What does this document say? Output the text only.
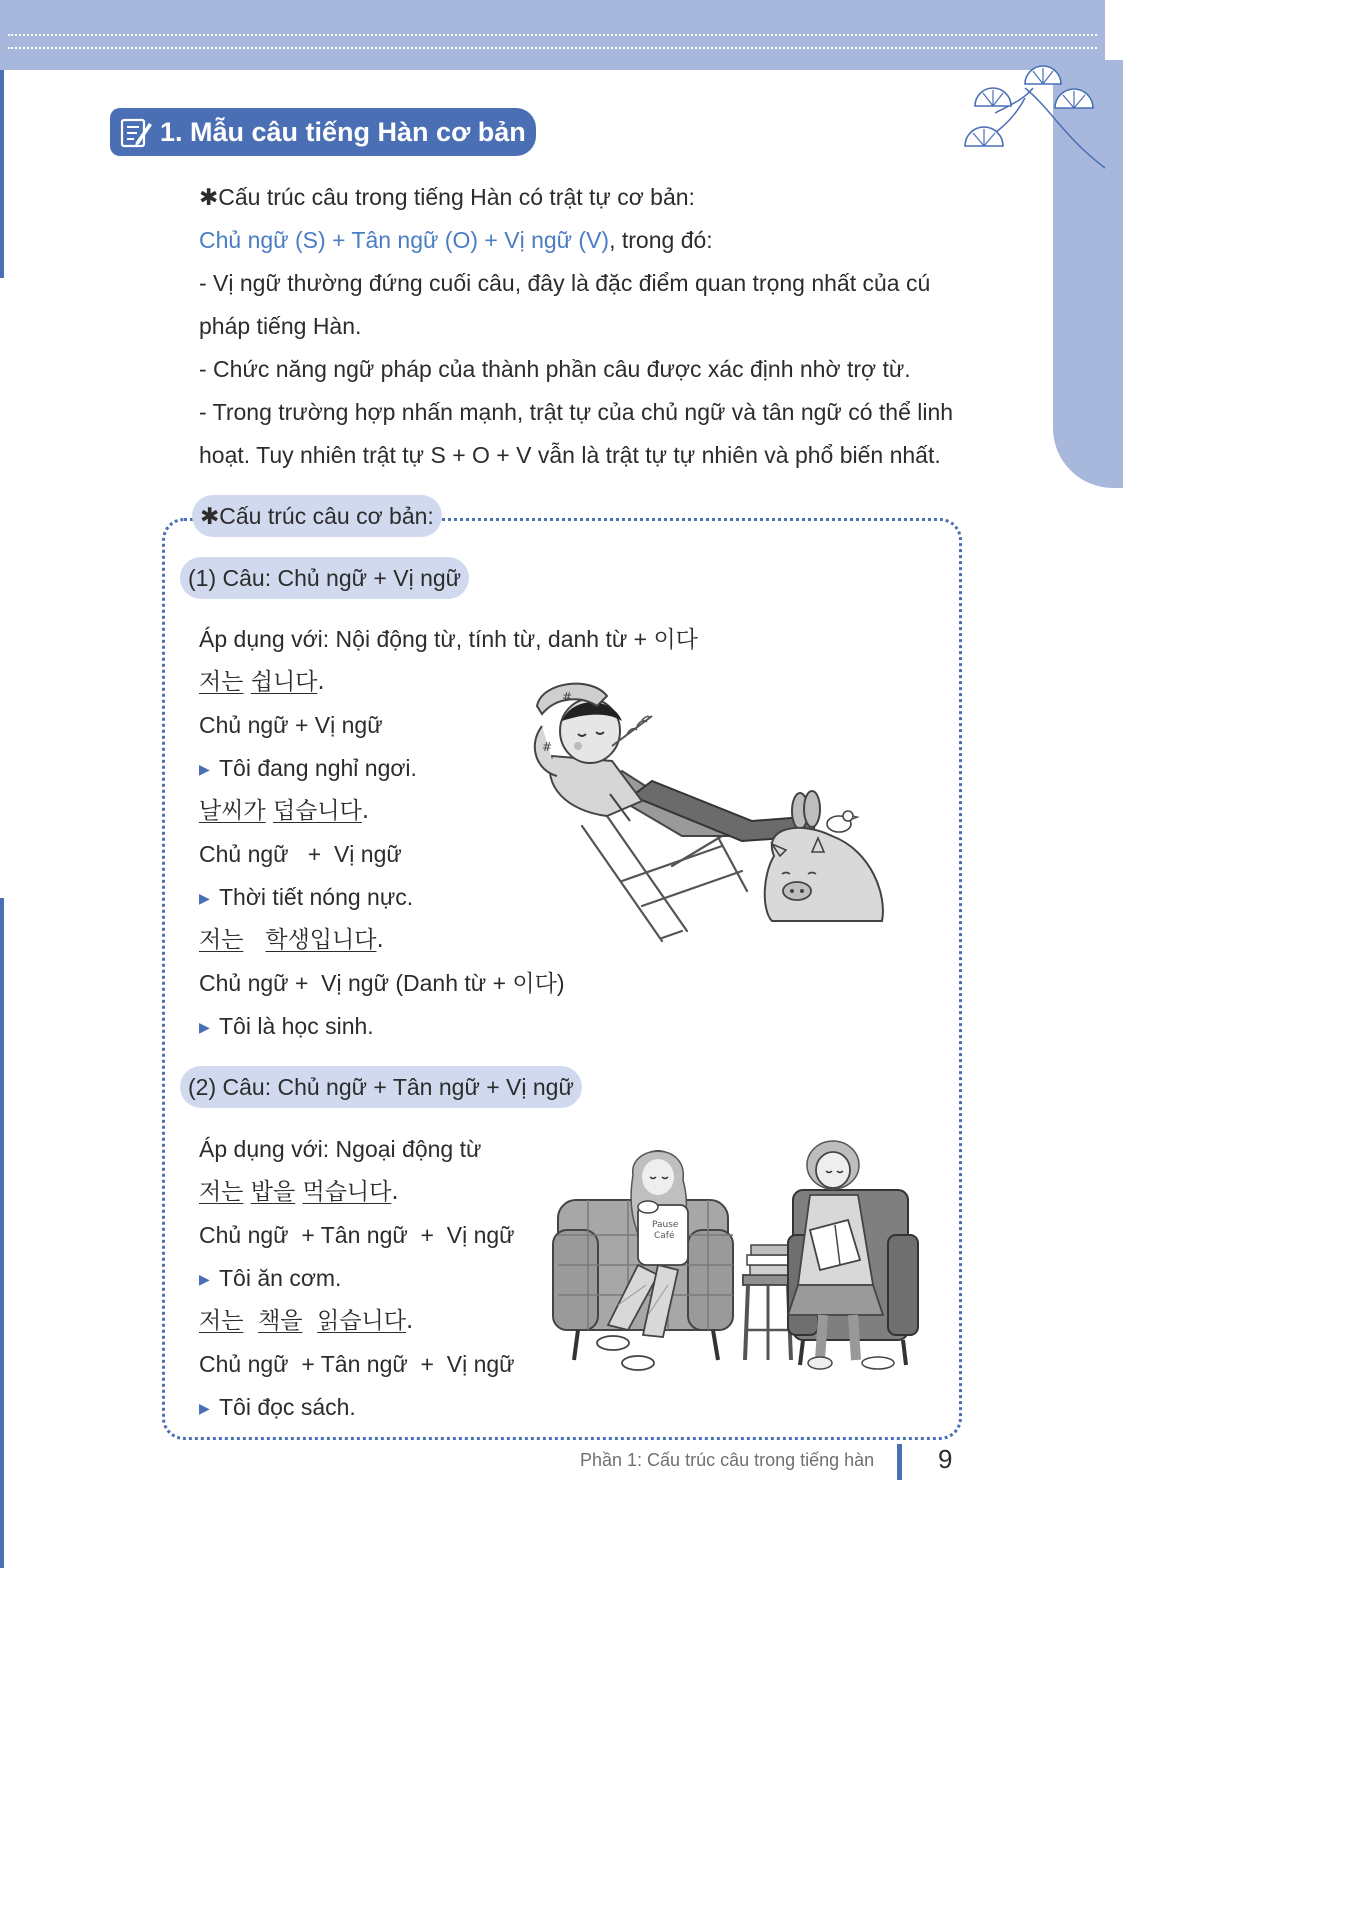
1. Mẫu câu tiếng Hàn cơ bản
✱Cấu trúc câu trong tiếng Hàn có trật tự cơ bản:
Chủ ngữ (S) + Tân ngữ (O) + Vị ngữ (V), trong đó:
- Vị ngữ thường đứng cuối câu, đây là đặc điểm quan trọng nhất của cú
pháp tiếng Hàn.
- Chức năng ngữ pháp của thành phần câu được xác định nhờ trợ từ.
- Trong trường hợp nhấn mạnh, trật tự của chủ ngữ và tân ngữ có thể linh
hoạt. Tuy nhiên trật tự S + O + V vẫn là trật tự tự nhiên và phổ biến nhất.
✱ Cấu trúc câu cơ bản:
(1) Câu: Chủ ngữ + Vị ngữ
Áp dụng với: Nội động từ, tính từ, danh từ + 이다
저는 쉽니다.
Chủ ngữ + Vị ngữ
▶ Tôi đang nghỉ ngơi.
날씨가 덥습니다.
Chủ ngữ   +  Vị ngữ
▶ Thời tiết nóng nực.
저는 학생입니다.
Chủ ngữ +  Vị ngữ (Danh từ + 이다)
▶ Tôi là học sinh.
#
#
(2) Câu: Chủ ngữ + Tân ngữ + Vị ngữ
Áp dụng với: Ngoại động từ
저는 밥을 먹습니다.
Chủ ngữ  + Tân ngữ  +  Vị ngữ
▶ Tôi ăn cơm.
저는 책을 읽습니다.
Chủ ngữ  + Tân ngữ  +  Vị ngữ
▶ Tôi đọc sách.
Pause
Café
Phần 1: Cấu trúc câu trong tiếng hàn 9
